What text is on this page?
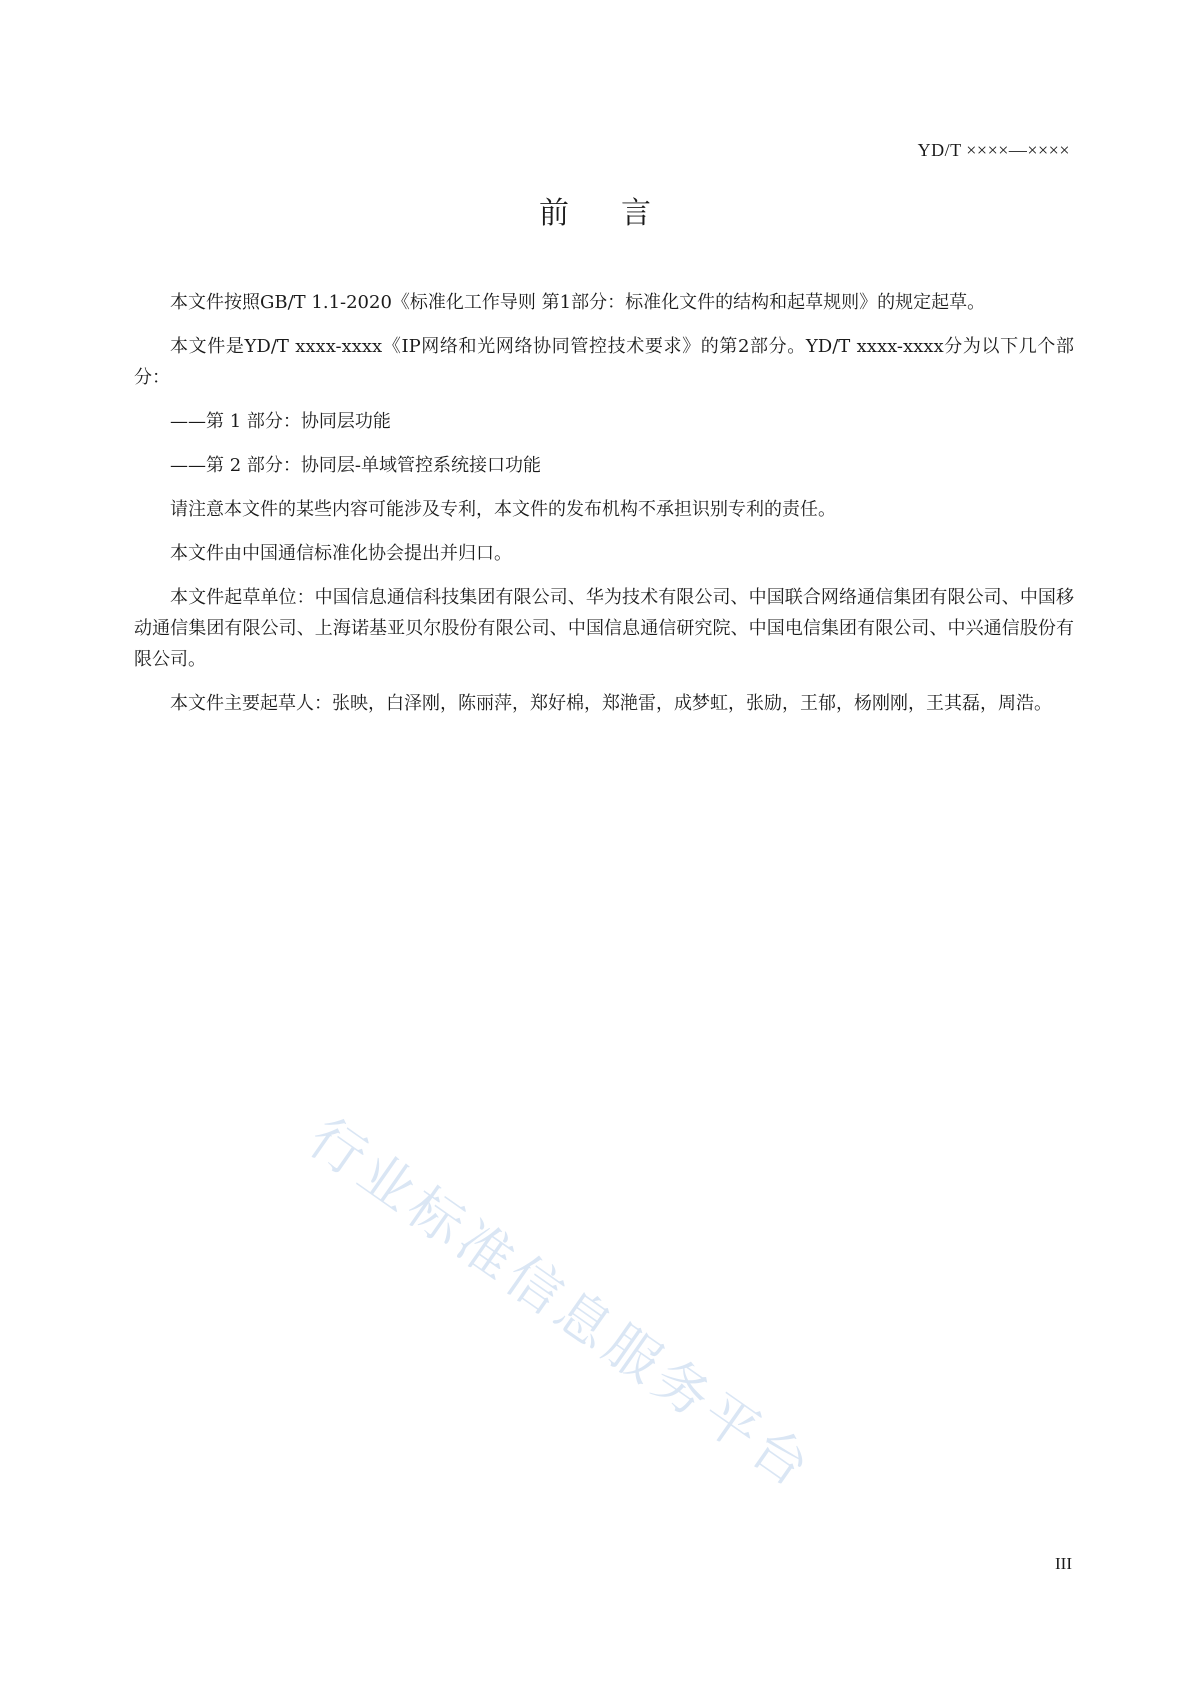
YD/T ××××—××××
前言

本文件按照GB/T 1.1-2020《标准化工作导则 第1部分：标准化文件的结构和起草规则》的规定起草。

本文件是YD/T xxxx-xxxx《IP网络和光网络协同管控技术要求》的第2部分。YD/T xxxx-xxxx分为以下几个部分：

——第 1 部分：协同层功能

——第 2 部分：协同层-单域管控系统接口功能

请注意本文件的某些内容可能涉及专利，本文件的发布机构不承担识别专利的责任。

本文件由中国通信标准化协会提出并归口。

本文件起草单位：中国信息通信科技集团有限公司、华为技术有限公司、中国联合网络通信集团有限公司、中国移动通信集团有限公司、上海诺基亚贝尔股份有限公司、中国信息通信研究院、中国电信集团有限公司、中兴通信股份有限公司。

本文件主要起草人：张映，白泽刚，陈丽萍，郑好棉，郑滟雷，成梦虹，张励，王郁，杨刚刚，王其磊，周浩。

行业标准信息服务平台
III
